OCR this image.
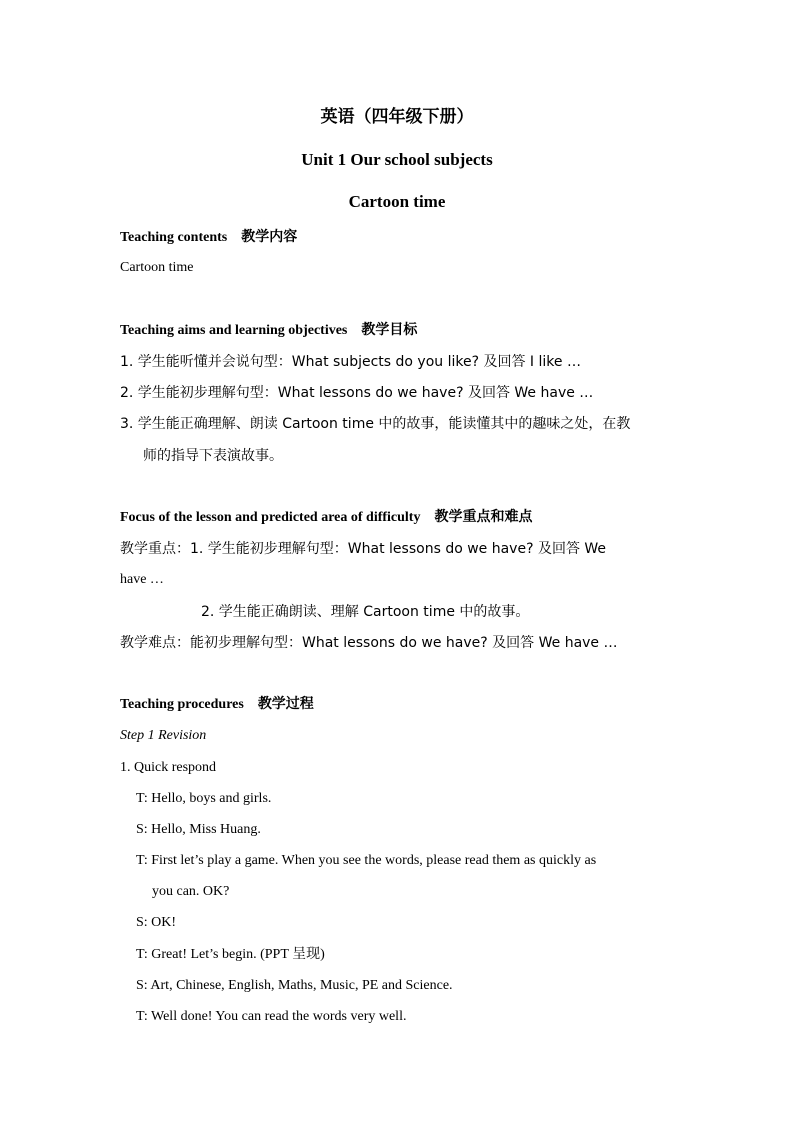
英语（四年级下册）
Unit 1 Our school subjects
Cartoon time
Teaching contents 教学内容
Cartoon time
Teaching aims and learning objectives 教学目标
1. 学生能听懂并会说句型：What subjects do you like? 及回答 I like …
2. 学生能初步理解句型：What lessons do we have? 及回答 We have …
3. 学生能正确理解、朗读 Cartoon time 中的故事，能读懂其中的趣味之处，在教
师的指导下表演故事。
Focus of the lesson and predicted area of difficulty 教学重点和难点
教学重点：1. 学生能初步理解句型：What lessons do we have? 及回答 We
have …
2. 学生能正确朗读、理解 Cartoon time 中的故事。
教学难点：能初步理解句型：What lessons do we have? 及回答 We have …
Teaching procedures 教学过程
Step 1 Revision
1. Quick respond
T: Hello, boys and girls.
S: Hello, Miss Huang.
T: First let’s play a game. When you see the words, please read them as quickly as
you can. OK?
S: OK!
T: Great! Let’s begin. (PPT 呈现)
S: Art, Chinese, English, Maths, Music, PE and Science.
T: Well done! You can read the words very well.
